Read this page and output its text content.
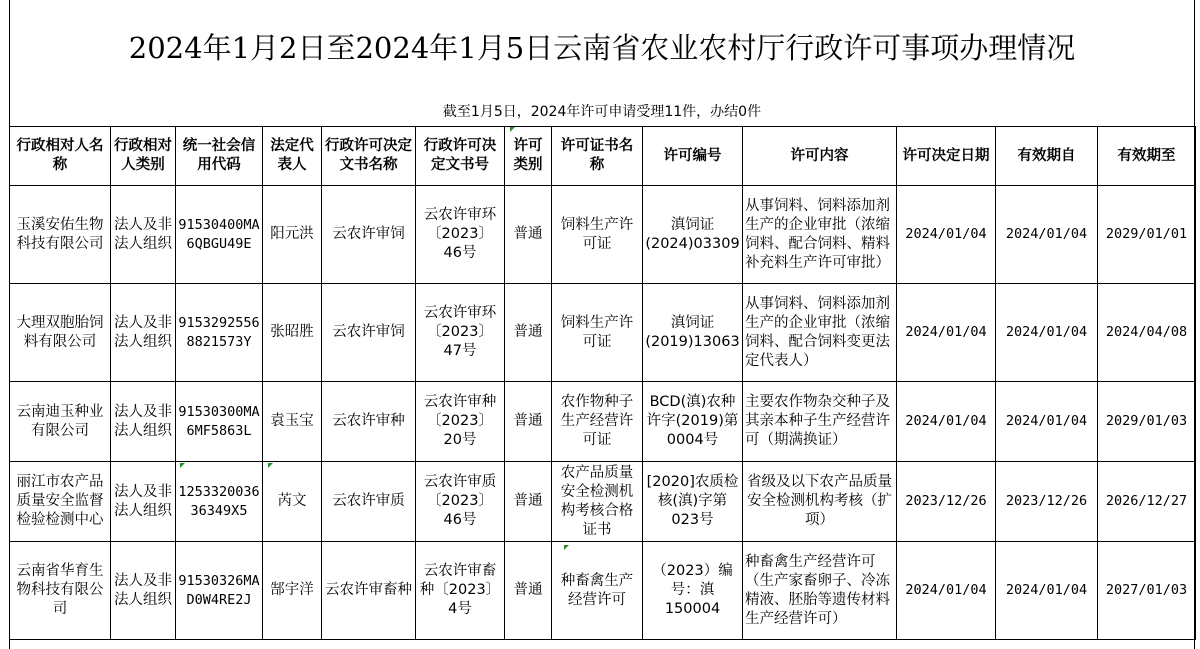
2024年1月2日至2024年1月5日云南省农业农村厅行政许可事项办理情况
截至1月5日，2024年许可申请受理11件，办结0件
行政相对人名称	行政相对人类别	统一社会信用代码	法定代表人	行政许可决定文书名称	行政许可决定文书号	许可类别	许可证书名称	许可编号	许可内容	许可决定日期	有效期自	有效期至
玉溪安佑生物科技有限公司	法人及非法人组织	91530400MA6QBGU49E	阳元洪	云农许审饲	云农许审环〔2023〕46号	普通	饲料生产许可证	滇饲证(2024)03309	从事饲料、饲料添加剂生产的企业审批（浓缩饲料、配合饲料、精料补充料生产许可审批）	2024/01/04	2024/01/04	2029/01/01
大理双胞胎饲料有限公司	法人及非法人组织	91532925568821573Y	张昭胜	云农许审饲	云农许审环〔2023〕47号	普通	饲料生产许可证	滇饲证(2019)13063	从事饲料、饲料添加剂生产的企业审批（浓缩饲料、配合饲料变更法定代表人）	2024/01/04	2024/01/04	2024/04/08
云南迪玉种业有限公司	法人及非法人组织	91530300MA6MF5863L	袁玉宝	云农许审种	云农许审种〔2023〕20号	普通	农作物种子生产经营许可证	BCD(滇)农种许字(2019)第0004号	主要农作物杂交种子及其亲本种子生产经营许可（期满换证）	2024/01/04	2024/01/04	2029/01/03
丽江市农产品质量安全监督检验检测中心	法人及非法人组织	125332003636349X5	芮文	云农许审质	云农许审质〔2023〕46号	普通	农产品质量安全检测机构考核合格证书	[2020]农质检核(滇)字第023号	省级及以下农产品质量安全检测机构考核（扩项）	2023/12/26	2023/12/26	2026/12/27
云南省华育生物科技有限公司	法人及非法人组织	91530326MAD0W4RE2J	郜宇洋	云农许审畜种	云农许审畜种〔2023〕4号	普通	种畜禽生产经营许可	（2023）编号：滇150004	种畜禽生产经营许可（生产家畜卵子、冷冻精液、胚胎等遗传材料生产经营许可）	2024/01/04	2024/01/04	2027/01/03
